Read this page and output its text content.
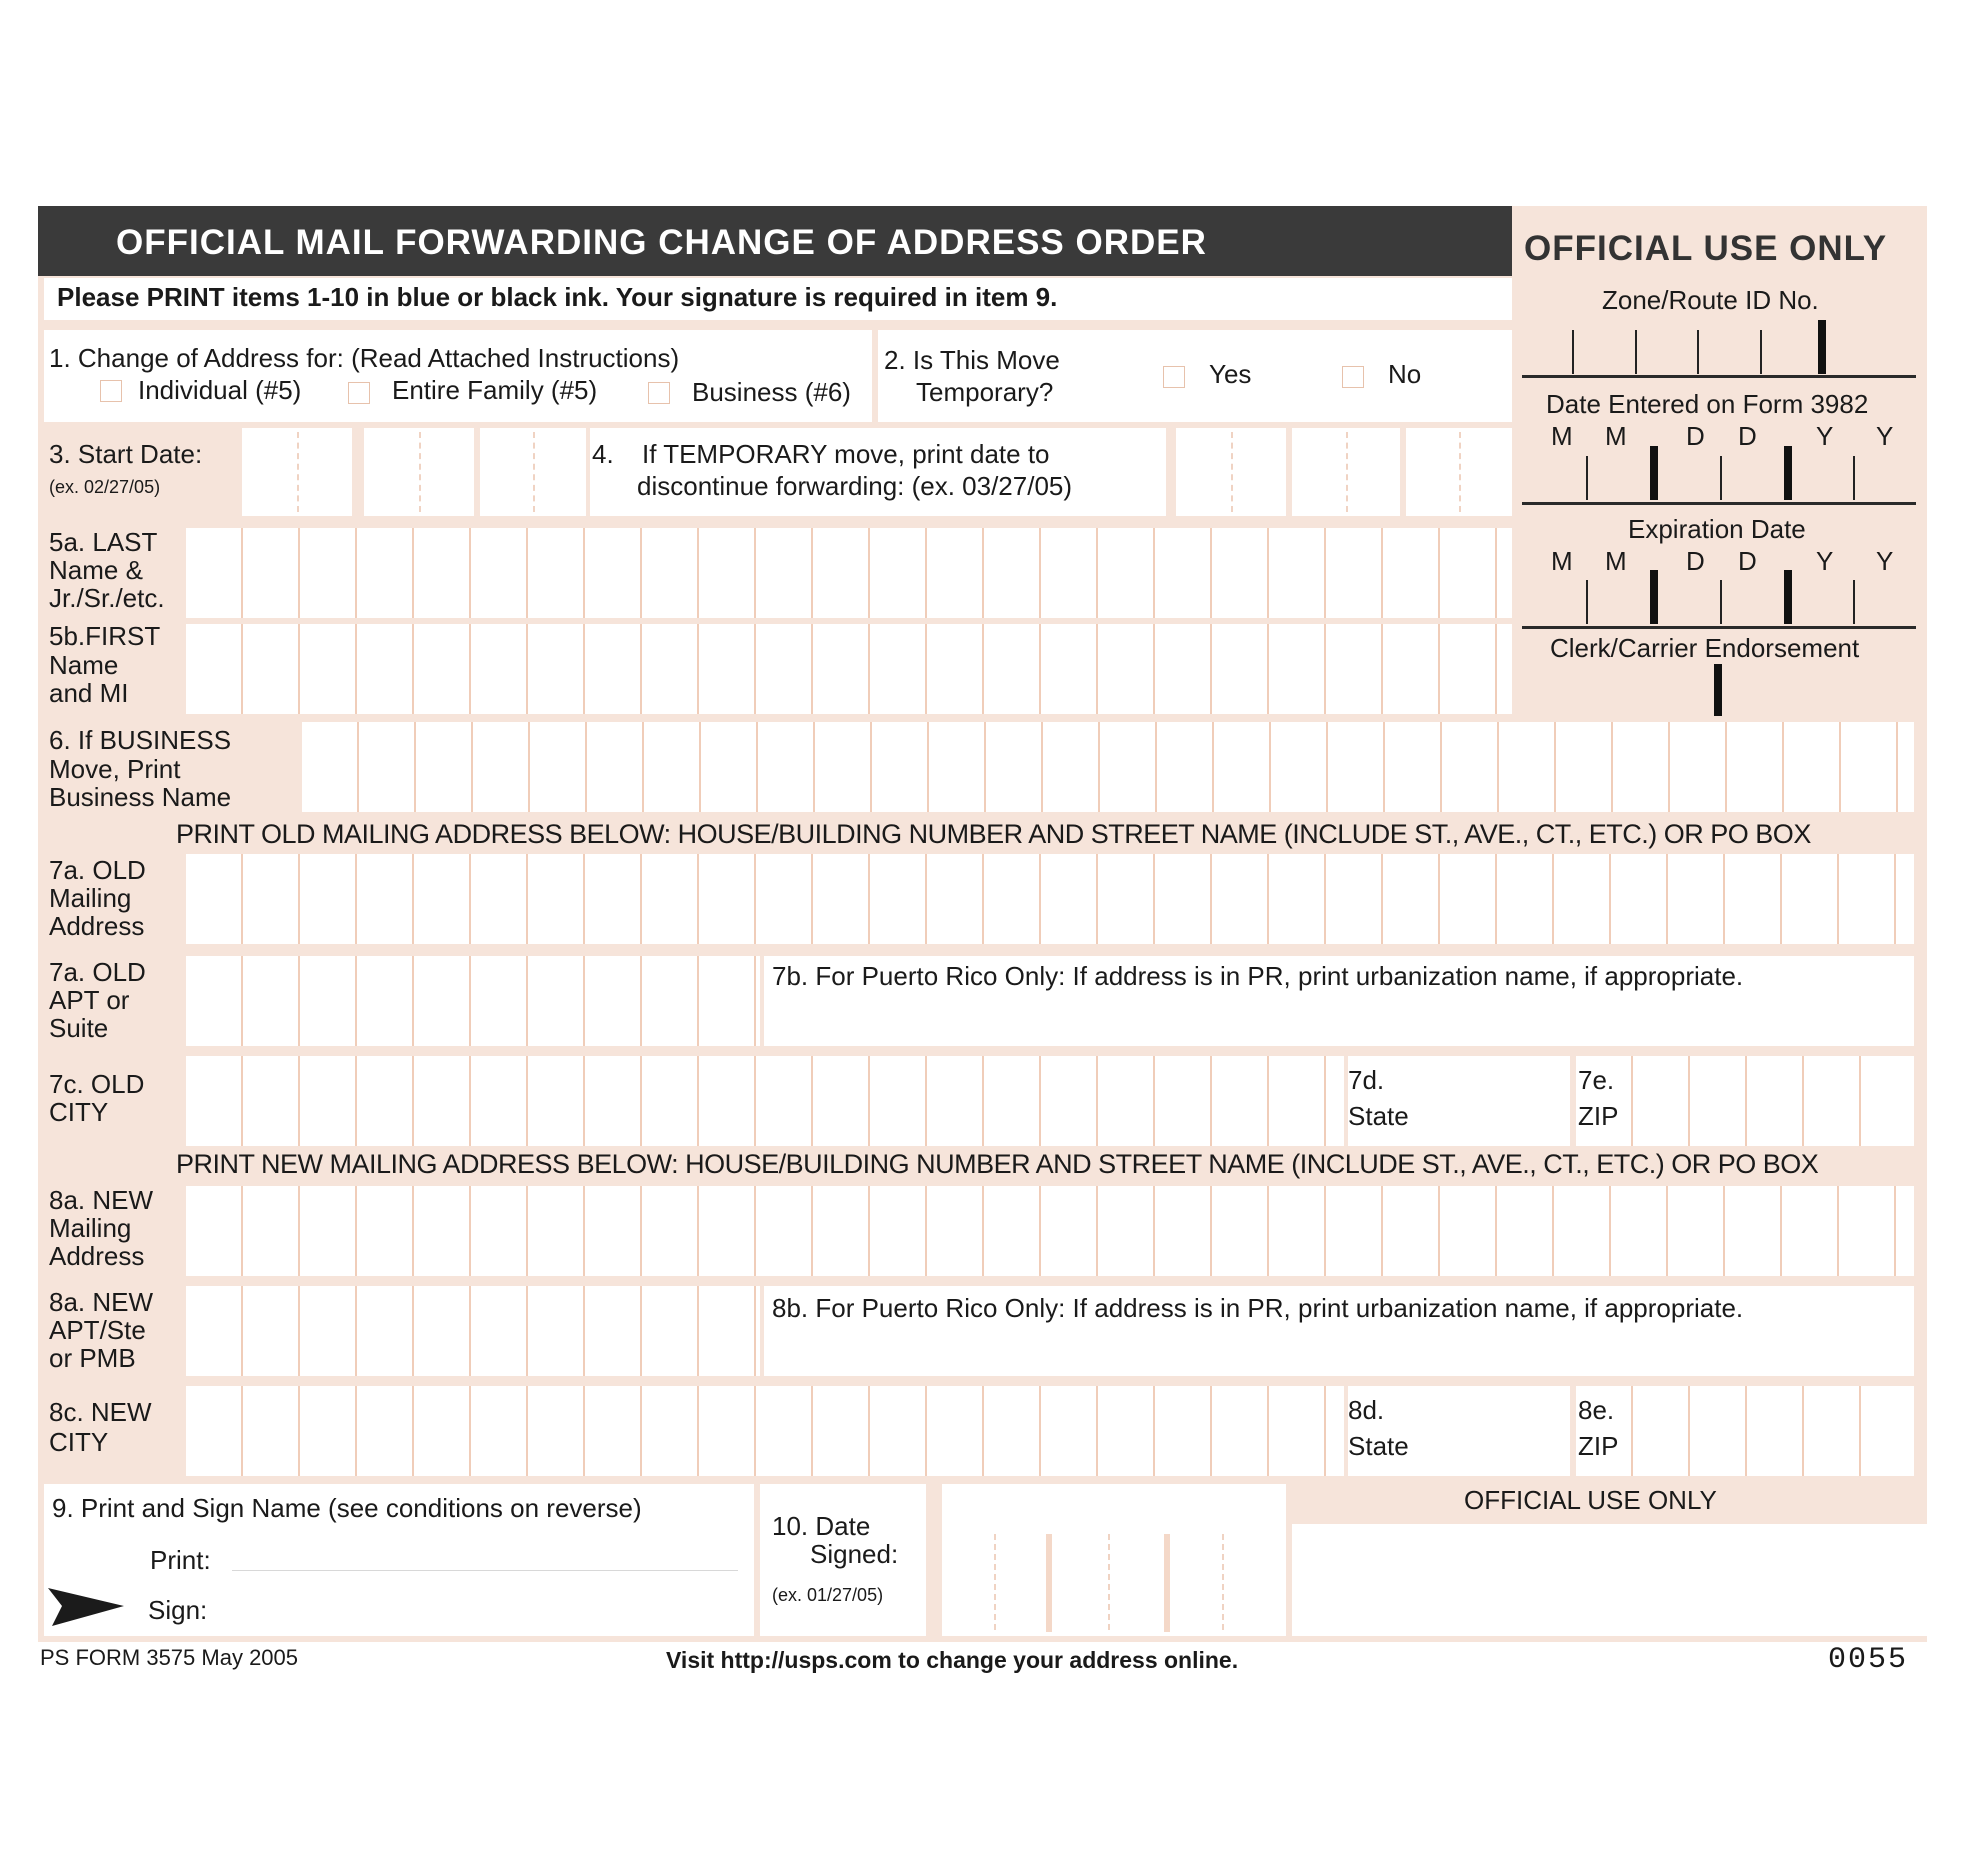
OFFICIAL MAIL FORWARDING CHANGE OF ADDRESS ORDER
Please PRINT items 1-10 in blue or black ink. Your signature is required in item 9.
OFFICIAL USE ONLY
Zone/Route ID No.
Date Entered on Form 3982
M M D D Y Y
Expiration Date
M M D D Y Y
Clerk/Carrier Endorsement
1. Change of Address for: (Read Attached Instructions)
Individual (#5)	Entire Family (#5)	Business (#6)
2. Is This Move
Temporary?
Yes	No
3. Start Date:
(ex. 02/27/05)
4. If TEMPORARY move, print date to
discontinue forwarding: (ex. 03/27/05)
5a. LAST
Name &
Jr./Sr./etc.
5b.FIRST
Name
and MI
6. If BUSINESS
Move, Print
Business Name
PRINT OLD MAILING ADDRESS BELOW: HOUSE/BUILDING NUMBER AND STREET NAME (INCLUDE ST., AVE., CT., ETC.) OR PO BOX
7a. OLD
Mailing
Address
7a. OLD
APT or
Suite
7b. For Puerto Rico Only: If address is in PR, print urbanization name, if appropriate.
7c. OLD
CITY
7d.
State
7e.
ZIP
PRINT NEW MAILING ADDRESS BELOW: HOUSE/BUILDING NUMBER AND STREET NAME (INCLUDE ST., AVE., CT., ETC.) OR PO BOX
8a. NEW
Mailing
Address
8a. NEW
APT/Ste
or PMB
8b. For Puerto Rico Only: If address is in PR, print urbanization name, if appropriate.
8c. NEW
CITY
8d.
State
8e.
ZIP
9. Print and Sign Name (see conditions on reverse)
Print:
Sign:
10. Date
Signed:
(ex. 01/27/05)
OFFICIAL USE ONLY
PS FORM 3575 May 2005	Visit http://usps.com to change your address online.	0055
